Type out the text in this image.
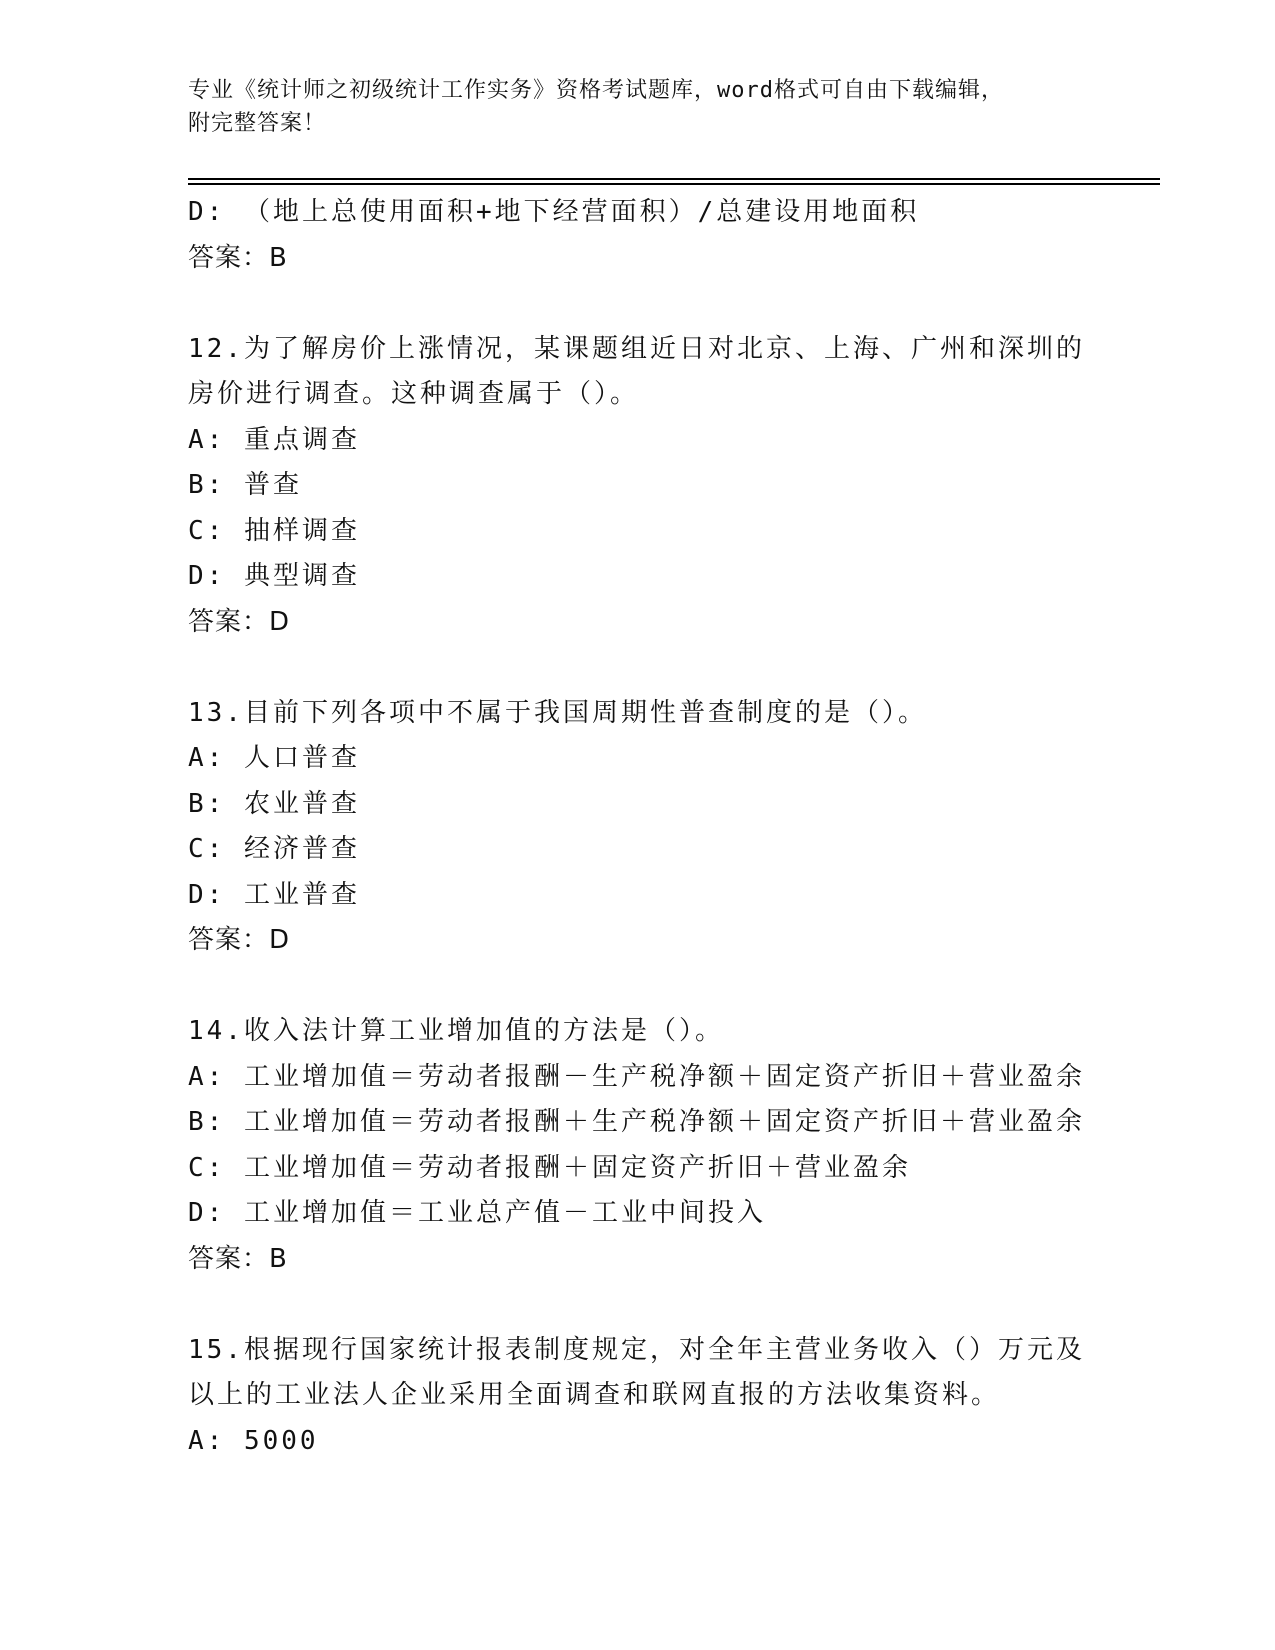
专业《统计师之初级统计工作实务》资格考试题库，word格式可自由下载编辑，
附完整答案！
D: （地上总使用面积+地下经营面积）/总建设用地面积
答案：B
12.为了解房价上涨情况，某课题组近日对北京、上海、广州和深圳的
房价进行调查。这种调查属于（）。
A: 重点调查
B: 普查
C: 抽样调查
D: 典型调查
答案：D
13.目前下列各项中不属于我国周期性普查制度的是（）。
A: 人口普查
B: 农业普查
C: 经济普查
D: 工业普查
答案：D
14.收入法计算工业增加值的方法是（）。
A: 工业增加值＝劳动者报酬－生产税净额＋固定资产折旧＋营业盈余
B: 工业增加值＝劳动者报酬＋生产税净额＋固定资产折旧＋营业盈余
C: 工业增加值＝劳动者报酬＋固定资产折旧＋营业盈余
D: 工业增加值＝工业总产值－工业中间投入
答案：B
15.根据现行国家统计报表制度规定，对全年主营业务收入（）万元及
以上的工业法人企业采用全面调查和联网直报的方法收集资料。
A: 5000
